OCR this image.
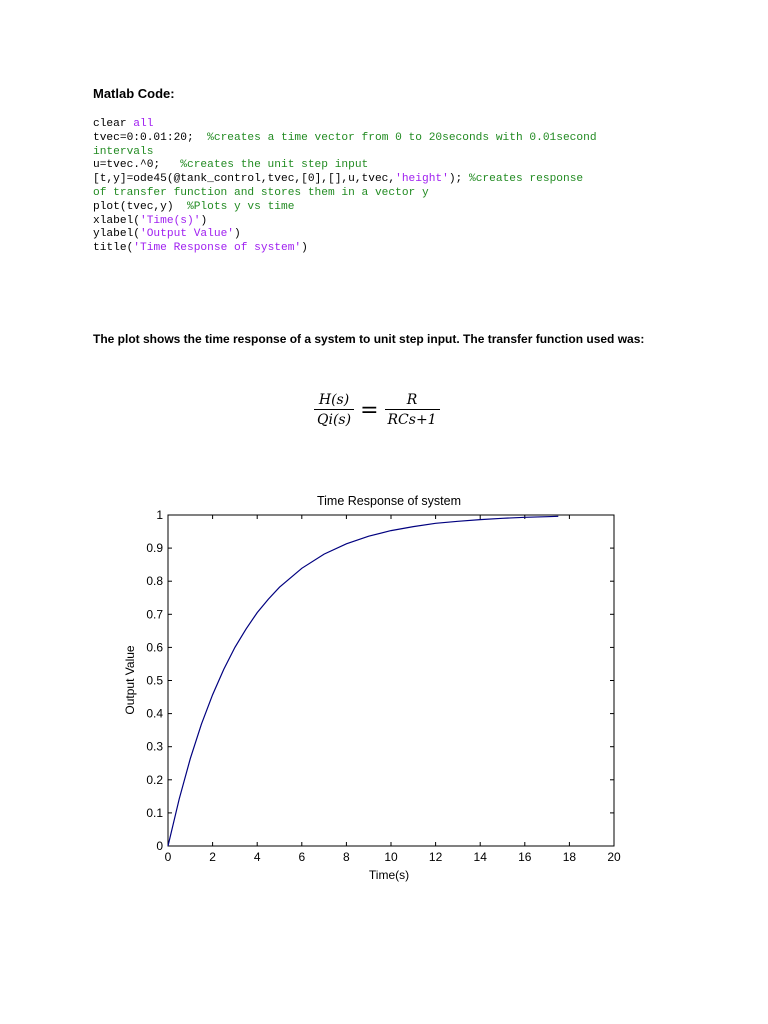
Matlab Code:

clear all
tvec=0:0.01:20;  %creates a time vector from 0 to 20seconds with 0.01second
intervals
u=tvec.^0;   %creates the unit step input
[t,y]=ode45(@tank_control,tvec,[0],[],u,tvec,'height'); %creates response
of transfer function and stores them in a vector y
plot(tvec,y)  %Plots y vs time
xlabel('Time(s)')
ylabel('Output Value')
title('Time Response of system')

The plot shows the time response of a system to unit step input. The transfer function used was:

$\frac{H(s)}{Qi(s)} = \frac{R}{\text{RCs+1}}$
Time Response of system
0	2	4	6	8	10	12	14	16	18	20
0
0.1
0.2
0.3
0.4
0.5
0.6
0.7
0.8
0.9
1
Time(s)
Output Value
